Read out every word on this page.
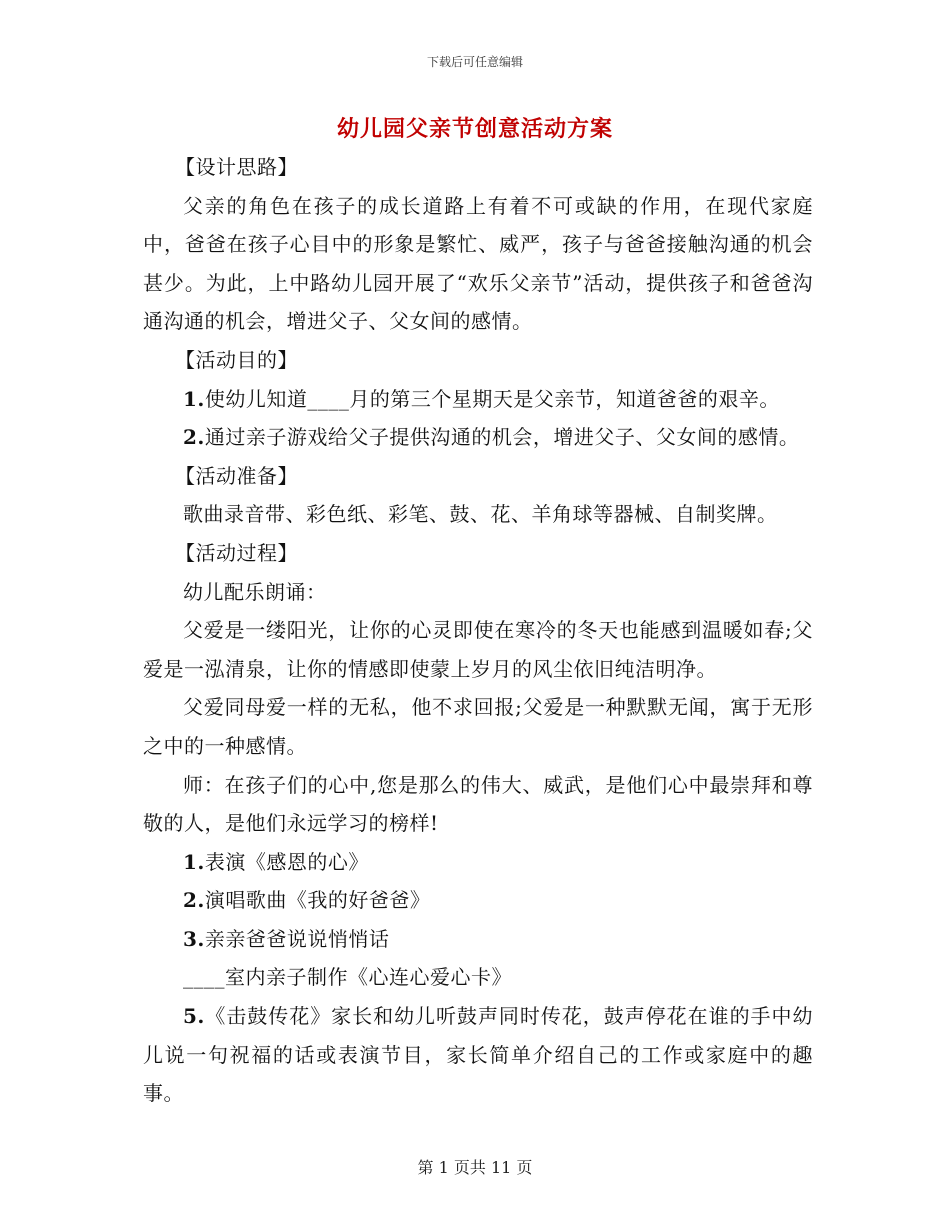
下载后可任意编辑
幼儿园父亲节创意活动方案

【设计思路】

父亲的角色在孩子的成长道路上有着不可或缺的作用，在现代家庭中，爸爸在孩子心目中的形象是繁忙、威严，孩子与爸爸接触沟通的机会甚少。为此，上中路幼儿园开展了“欢乐父亲节”活动，提供孩子和爸爸沟通沟通的机会，增进父子、父女间的感情。

【活动目的】

1.使幼儿知道____月的第三个星期天是父亲节，知道爸爸的艰辛。

2.通过亲子游戏给父子提供沟通的机会，增进父子、父女间的感情。

【活动准备】

歌曲录音带、彩色纸、彩笔、鼓、花、羊角球等器械、自制奖牌。

【活动过程】

幼儿配乐朗诵：

父爱是一缕阳光，让你的心灵即使在寒冷的冬天也能感到温暖如春;父爱是一泓清泉，让你的情感即使蒙上岁月的风尘依旧纯洁明净。

父爱同母爱一样的无私，他不求回报;父爱是一种默默无闻，寓于无形之中的一种感情。

师：在孩子们的心中,您是那么的伟大、威武，是他们心中最崇拜和尊敬的人，是他们永远学习的榜样!

1.表演《感恩的心》

2.演唱歌曲《我的好爸爸》

3.亲亲爸爸说说悄悄话

____室内亲子制作《心连心爱心卡》

5.《击鼓传花》家长和幼儿听鼓声同时传花，鼓声停花在谁的手中幼儿说一句祝福的话或表演节目，家长简单介绍自己的工作或家庭中的趣事。

第 1 页共 11 页
